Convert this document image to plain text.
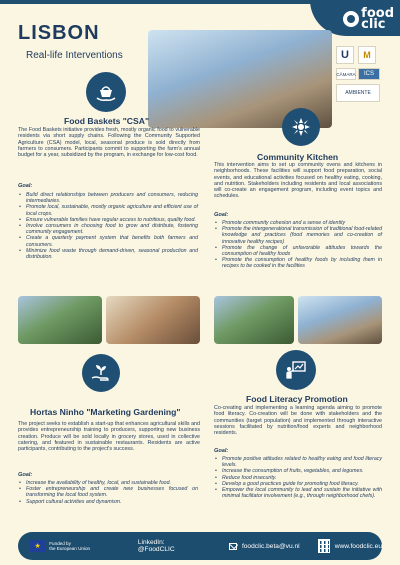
food
clic
LISBON
Real-life Interventions	U	M
ICS
CÂMARA
AMBIENTE
Food Baskets "CSA"
The Food Baskets initiative provides fresh, mostly organic food to vulnerable residents via short supply chains. Following the Community Supported Agriculture (CSA) model, local, seasonal produce is sold directly from farmers to consumers. Participants commit to supporting the farm's annual budget for a year, subsidized by the program, in exchange for low-cost food.
Goal:
• Build direct relationships between producers and consumers, reducing intermediaries.
• Promote local, sustainable, mostly organic agriculture and efficient use of local crops.
• Ensure vulnerable families have regular access to nutritious, quality food.
• Involve consumers in choosing food to grow and distribute, fostering community engagement.
• Create a quarterly payment system that benefits both farmers and consumers.
• Minimize food waste through demand-driven, seasonal production and distribution.
Community Kitchen
This intervention aims to set up community ovens and kitchens in neighborhoods. These facilities will support food preparation, social events, and educational activities focused on healthy eating, cooking, and nutrition. Stakeholders including residents and local associations will co-create an engagement program, including event topics and schedules.
Goal:
• Promote community cohesion and a sense of identity
• Promote the intergenerational transmission of traditional food-related knowledge and practices (food memories and co-creation of innovative healthy recipes)
• Promote the change of unfavorable attitudes towards the consumption of healthy foods
• Promote the consumption of healthy foods by including them in recipes to be cooked in the facilities
Hortas Ninho "Marketing Gardening"
The project seeks to establish a start-up that enhances agricultural skills and provides entrepreneurship training to producers, supporting new business creation. Produce will be sold locally in grocery stores, used in collective catering, and featured in sustainable restaurants. Residents are active participants, contributing to the project's success.
Goal:
• Increase the availability of healthy, local, and sustainable food.
• Foster entrepreneurship and create new businesses focused on transforming the local food system.
• Support cultural activities and dynamism.
Food Literacy Promotion
Co-creating and implementing a learning agenda aiming to promote food literacy. Co-creation will be done with stakeholders and the communities (target population) and implemented through interactive sessions facilitated by nutrition/food experts and neighborhood residents.
Goal:
• Promote positive attitudes related to healthy eating and food literacy levels.
• Increase the consumption of fruits, vegetables, and legumes.
• Reduce food insecurity.
• Develop a good practices guide for promoting food literacy.
• Empower the local community to lead and sustain the initiative with minimal facilitator involvement (e.g., through neighborhood chefs).
★	Funded by
the European Union
LinkedIn: @FoodCLIC	foodclic.beta@vu.nl	www.foodclic.eu
